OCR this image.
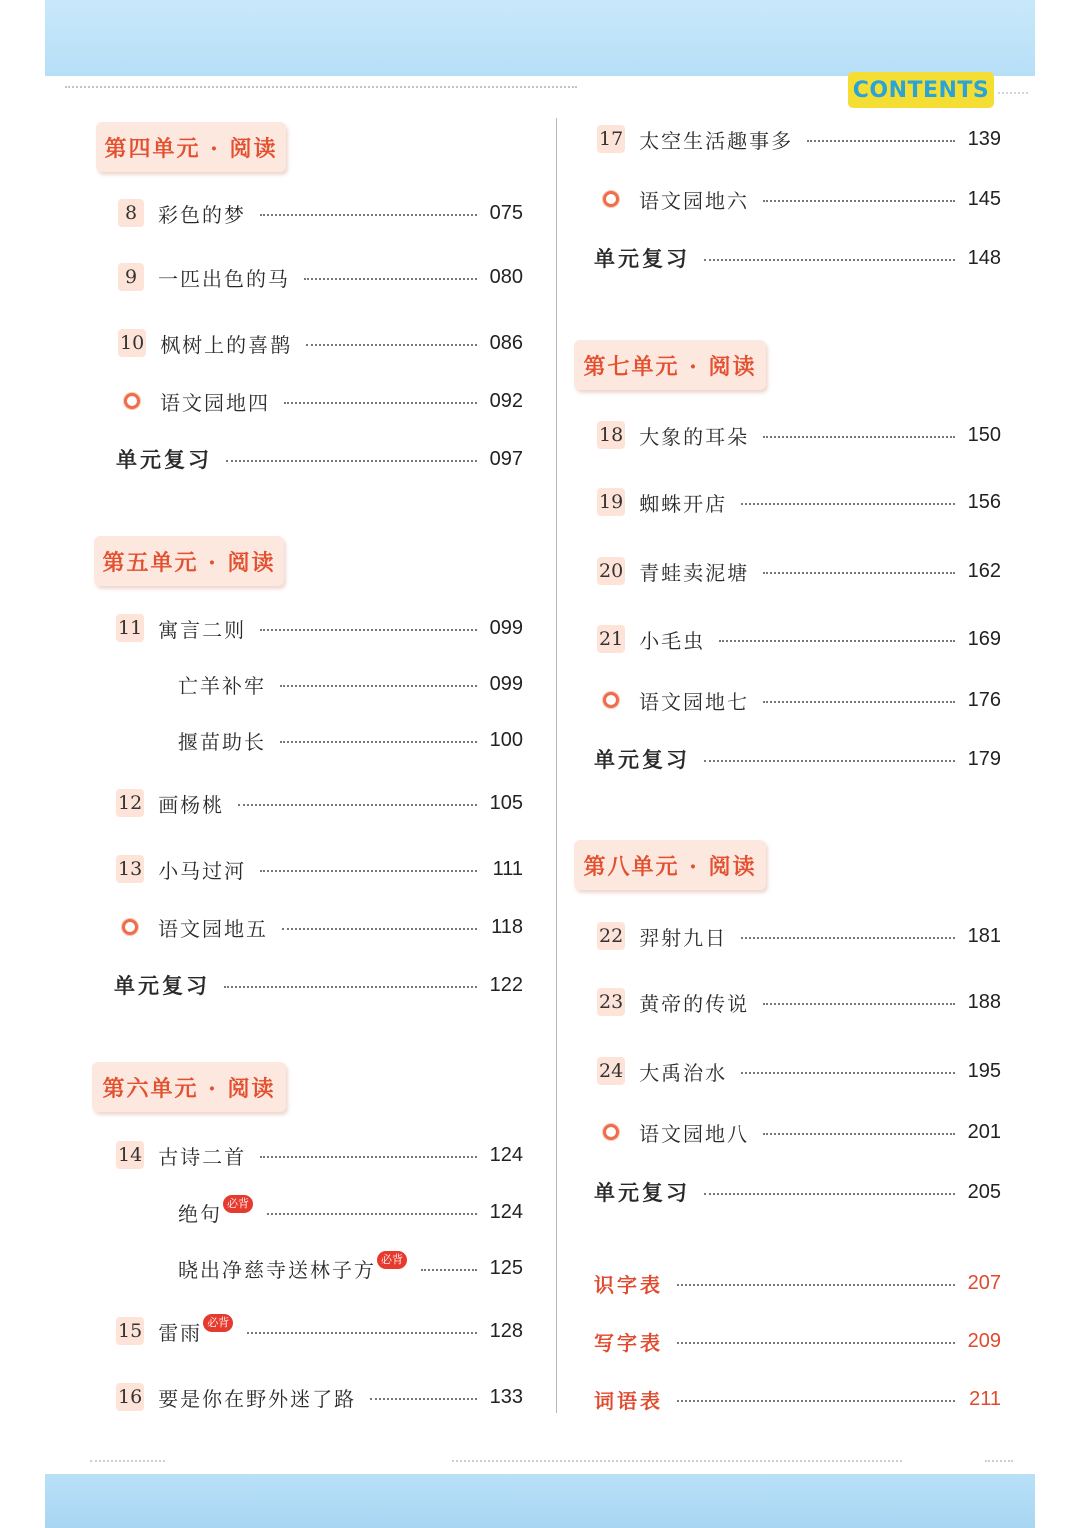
CONTENTS
第四单元 · 阅读
8	彩色的梦	075
9	一匹出色的马	080
10 枫树上的喜鹊	086
语文园地四	092
单元复习	097
第五单元 · 阅读
11 寓言二则	099
亡羊补牢	099
揠苗助长	100
12 画杨桃	105
13 小马过河	111
语文园地五	118
单元复习	122
第六单元 · 阅读
14 古诗二首	124
绝句 必背	124
晓出净慈寺送林子方 必背	125
15 雷雨 必背	128
16 要是你在野外迷了路	133
17 太空生活趣事多	139
语文园地六	145
单元复习	148
第七单元 · 阅读
18 大象的耳朵	150
19 蜘蛛开店	156
20 青蛙卖泥塘	162
21 小毛虫	169
语文园地七	176
单元复习	179
第八单元 · 阅读
22 羿射九日	181
23 黄帝的传说	188
24 大禹治水	195
语文园地八	201
单元复习	205
识字表	207
写字表	209
词语表	211
